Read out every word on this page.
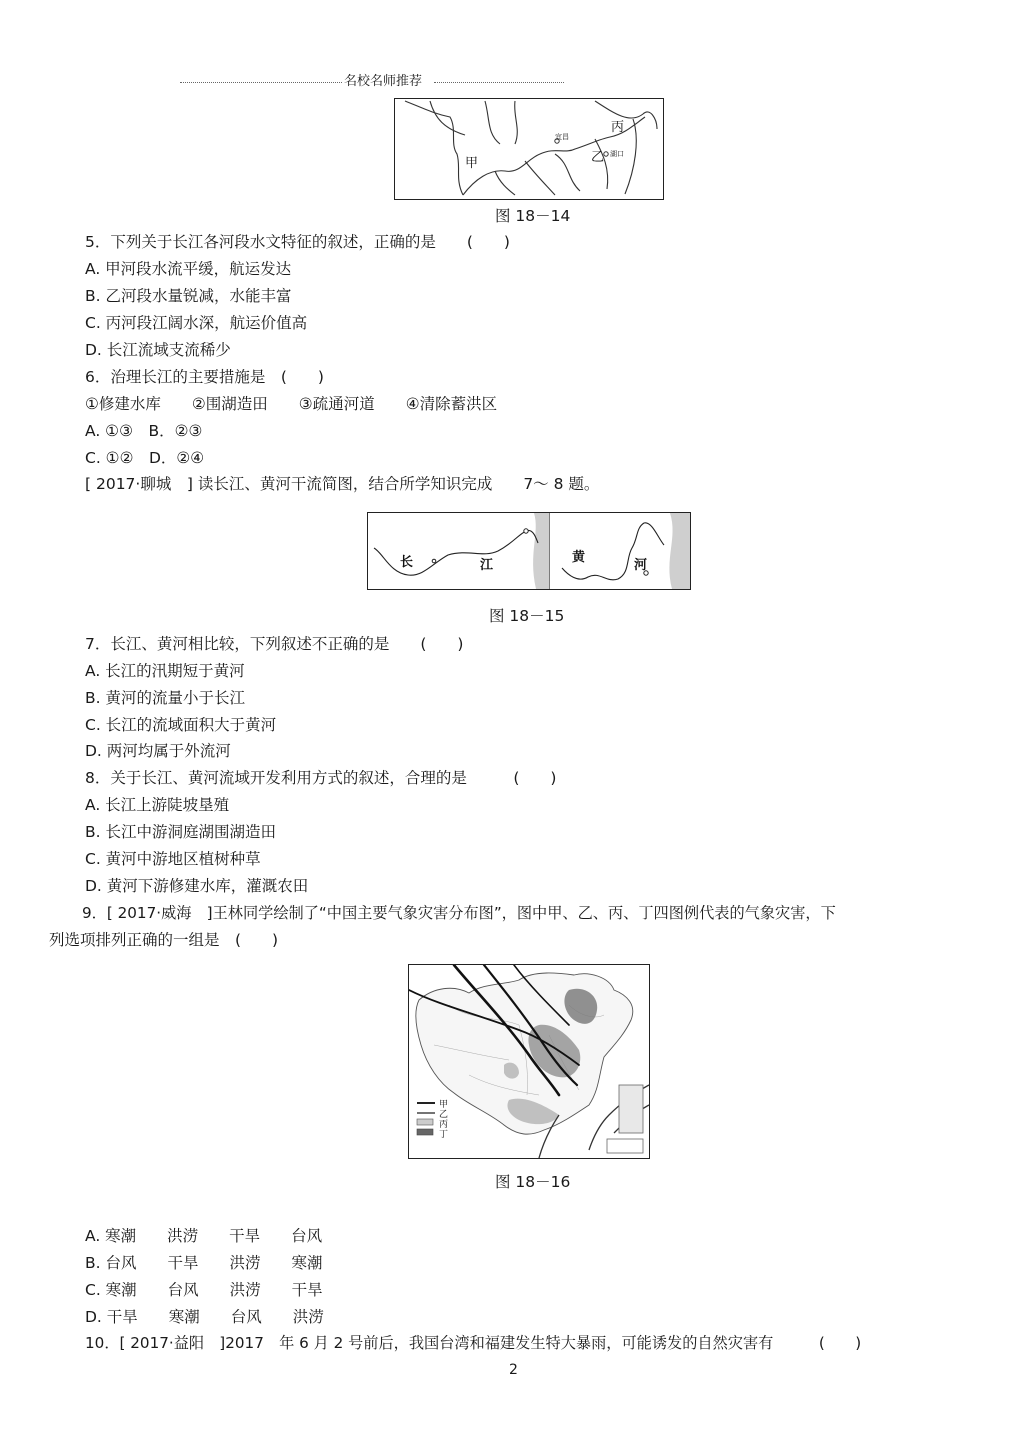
名校名师推荐
甲	乙
丙
宜昌
湖口
图 18－14
5．下列关于长江各河段水文特征的叙述，正确的是　　(　　)
A. 甲河段水流平缓，航运发达
B. 乙河段水量锐减，水能丰富
C. 丙河段江阔水深，航运价值高
D. 长江流域支流稀少
6．治理长江的主要措施是　(　　)
①修建水库　　②围湖造田　　③疏通河道　　④清除蓄洪区
A. ①③　B．②③
C. ①②　D．②④
[ 2017·聊城　] 读长江、黄河干流简图，结合所学知识完成　　7～ 8 题。
长	江
黄
河
图 18－15
7．长江、黄河相比较，下列叙述不正确的是　　(　　)
A. 长江的汛期短于黄河
B. 黄河的流量小于长江
C. 长江的流域面积大于黄河
D. 两河均属于外流河
8．关于长江、黄河流域开发利用方式的叙述，合理的是　　　(　　)
A. 长江上游陡坡垦殖
B. 长江中游洞庭湖围湖造田
C. 黄河中游地区植树种草
D. 黄河下游修建水库，灌溉农田
9．[ 2017·威海　]王林同学绘制了“中国主要气象灾害分布图”，图中甲、乙、丙、丁四图例代表的气象灾害，下
列选项排列正确的一组是　(　　)
甲
乙
丙
丁
图 18－16
A. 寒潮　　洪涝　　干旱　　台风
B. 台风　　干旱　　洪涝　　寒潮
C. 寒潮　　台风　　洪涝　　干旱
D. 干旱　　寒潮　　台风　　洪涝
10．[ 2017·益阳　]2017　年 6 月 2 号前后，我国台湾和福建发生特大暴雨，可能诱发的自然灾害有　　　(　　)
2
